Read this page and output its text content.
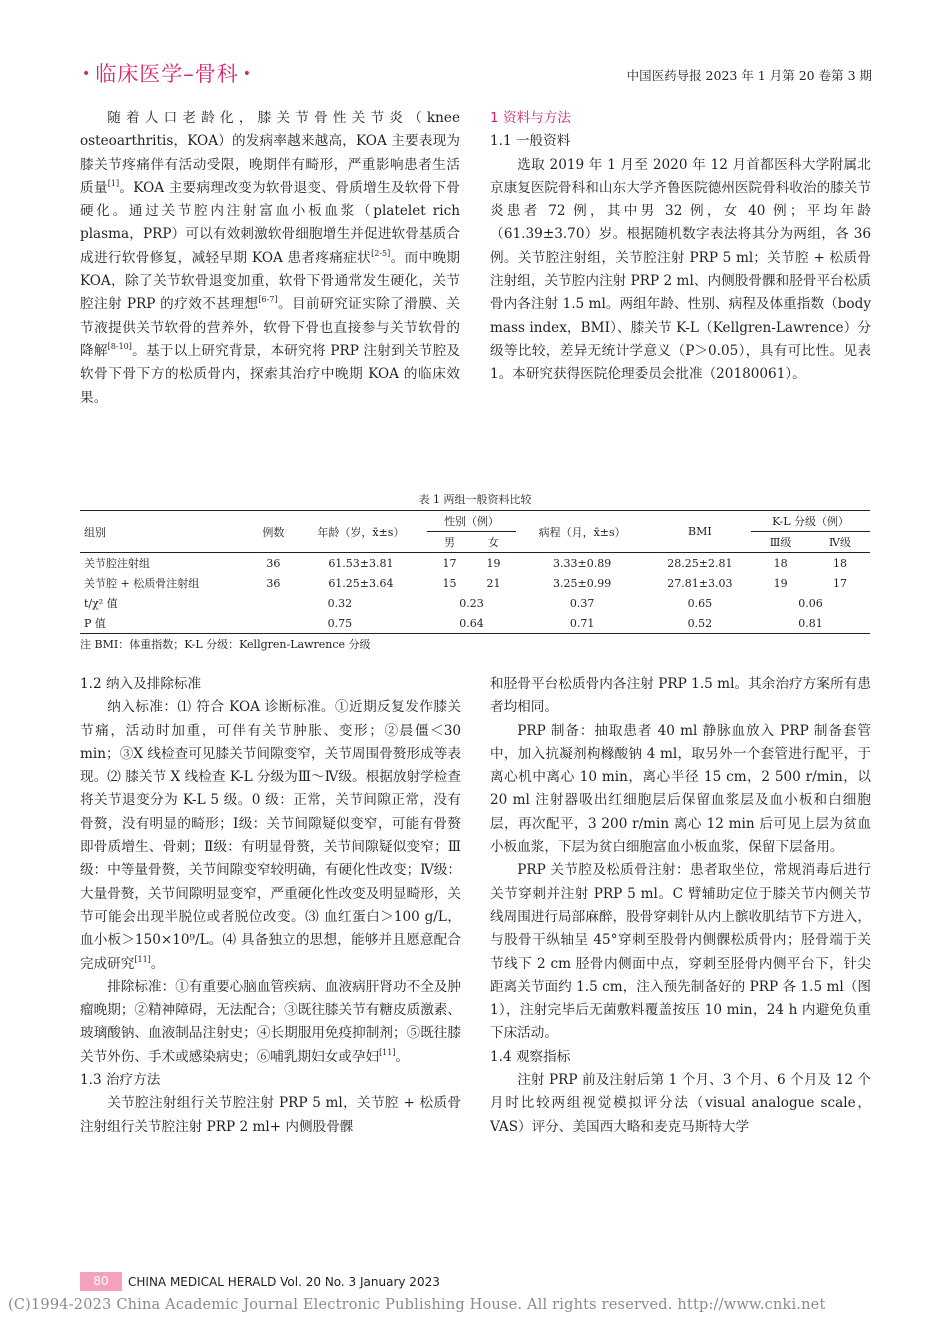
• 临床医学–骨科 •	中国医药导报 2023 年 1 月第 20 卷第 3 期

随着人口老龄化，膝关节骨性关节炎（knee osteoarthritis，KOA）的发病率越来越高，KOA 主要表现为膝关节疼痛伴有活动受限，晚期伴有畸形，严重影响患者生活质量[1]。KOA 主要病理改变为软骨退变、骨质增生及软骨下骨硬化。通过关节腔内注射富血小板血浆（platelet rich plasma，PRP）可以有效刺激软骨细胞增生并促进软骨基质合成进行软骨修复，减轻早期 KOA 患者疼痛症状[2-5]。而中晚期 KOA，除了关节软骨退变加重，软骨下骨通常发生硬化，关节腔注射 PRP 的疗效不甚理想[6-7]。目前研究证实除了滑膜、关节液提供关节软骨的营养外，软骨下骨也直接参与关节软骨的降解[8-10]。基于以上研究背景，本研究将 PRP 注射到关节腔及软骨下骨下方的松质骨内，探索其治疗中晚期 KOA 的临床效果。

1 资料与方法
1.1 一般资料

选取 2019 年 1 月至 2020 年 12 月首都医科大学附属北京康复医院骨科和山东大学齐鲁医院德州医院骨科收治的膝关节炎患者 72 例，其中男 32 例，女 40 例；平均年龄（61.39±3.70）岁。根据随机数字表法将其分为两组，各 36 例。关节腔注射组，关节腔注射 PRP 5 ml；关节腔 + 松质骨注射组，关节腔内注射 PRP 2 ml、内侧股骨髁和胫骨平台松质骨内各注射 1.5 ml。两组年龄、性别、病程及体重指数（body mass index，BMI）、膝关节 K-L（Kellgren-Lawrence）分级等比较，差异无统计学意义（P＞0.05），具有可比性。见表 1。本研究获得医院伦理委员会批准（20180061）。

表 1 两组一般资料比较
组别	例数	年龄（岁，x̄±s）	性别（例）		病程（月，x̄±s）	BMI	K-L 分级（例）	
			男	女			Ⅲ级	Ⅳ级
关节腔注射组	36	61.53±3.81	17	19	3.33±0.89	28.25±2.81	18	18
关节腔 + 松质骨注射组	36	61.25±3.64	15	21	3.25±0.99	27.81±3.03	19	17
t/χ² 值	0.32		0.23		0.37	0.65	0.06	
P 值	0.75		0.64		0.71	0.52	0.81	
注 BMI：体重指数；K-L 分级：Kellgren-Lawrence 分级
1.2 纳入及排除标准

纳入标准：⑴ 符合 KOA 诊断标准。①近期反复发作膝关节痛，活动时加重，可伴有关节肿胀、变形；②晨僵＜30 min；③X 线检查可见膝关节间隙变窄，关节周围骨赘形成等表现。⑵ 膝关节 X 线检查 K-L 分级为Ⅲ～Ⅳ级。根据放射学检查将关节退变分为 K-L 5 级。0 级：正常，关节间隙正常，没有骨赘，没有明显的畸形；Ⅰ级：关节间隙疑似变窄，可能有骨赘即骨质增生、骨刺；Ⅱ级：有明显骨赘，关节间隙疑似变窄；Ⅲ级：中等量骨赘，关节间隙变窄较明确，有硬化性改变；Ⅳ级：大量骨赘，关节间隙明显变窄，严重硬化性改变及明显畸形，关节可能会出现半脱位或者脱位改变。⑶ 血红蛋白＞100 g/L，血小板＞150×10⁹/L。⑷ 具备独立的思想，能够并且愿意配合完成研究[11]。

排除标准：①有重要心脑血管疾病、血液病肝肾功不全及肿瘤晚期；②精神障碍，无法配合；③既往膝关节有糖皮质激素、玻璃酸钠、血液制品注射史；④长期服用免疫抑制剂；⑤既往膝关节外伤、手术或感染病史；⑥哺乳期妇女或孕妇[11]。

1.3 治疗方法

关节腔注射组行关节腔注射 PRP 5 ml，关节腔 + 松质骨注射组行关节腔注射 PRP 2 ml+ 内侧股骨髁

和胫骨平台松质骨内各注射 PRP 1.5 ml。其余治疗方案所有患者均相同。

PRP 制备：抽取患者 40 ml 静脉血放入 PRP 制备套管中，加入抗凝剂枸橼酸钠 4 ml，取另外一个套管进行配平，于离心机中离心 10 min，离心半径 15 cm，2 500 r/min，以 20 ml 注射器吸出红细胞层后保留血浆层及血小板和白细胞层，再次配平，3 200 r/min 离心 12 min 后可见上层为贫血小板血浆，下层为贫白细胞富血小板血浆，保留下层备用。

PRP 关节腔及松质骨注射：患者取坐位，常规消毒后进行关节穿刺并注射 PRP 5 ml。C 臂辅助定位于膝关节内侧关节线周围进行局部麻醉，股骨穿刺针从内上髌收肌结节下方进入，与股骨干纵轴呈 45°穿刺至股骨内侧髁松质骨内；胫骨端于关节线下 2 cm 胫骨内侧面中点，穿刺至胫骨内侧平台下，针尖距离关节面约 1.5 cm，注入预先制备好的 PRP 各 1.5 ml（图 1），注射完毕后无菌敷料覆盖按压 10 min，24 h 内避免负重下床活动。

1.4 观察指标

注射 PRP 前及注射后第 1 个月、3 个月、6 个月及 12 个月时比较两组视觉模拟评分法（visual analogue scale，VAS）评分、美国西大略和麦克马斯特大学

80 CHINA MEDICAL HERALD Vol. 20 No. 3 January 2023
(C)1994-2023 China Academic Journal Electronic Publishing House. All rights reserved. http://www.cnki.net
